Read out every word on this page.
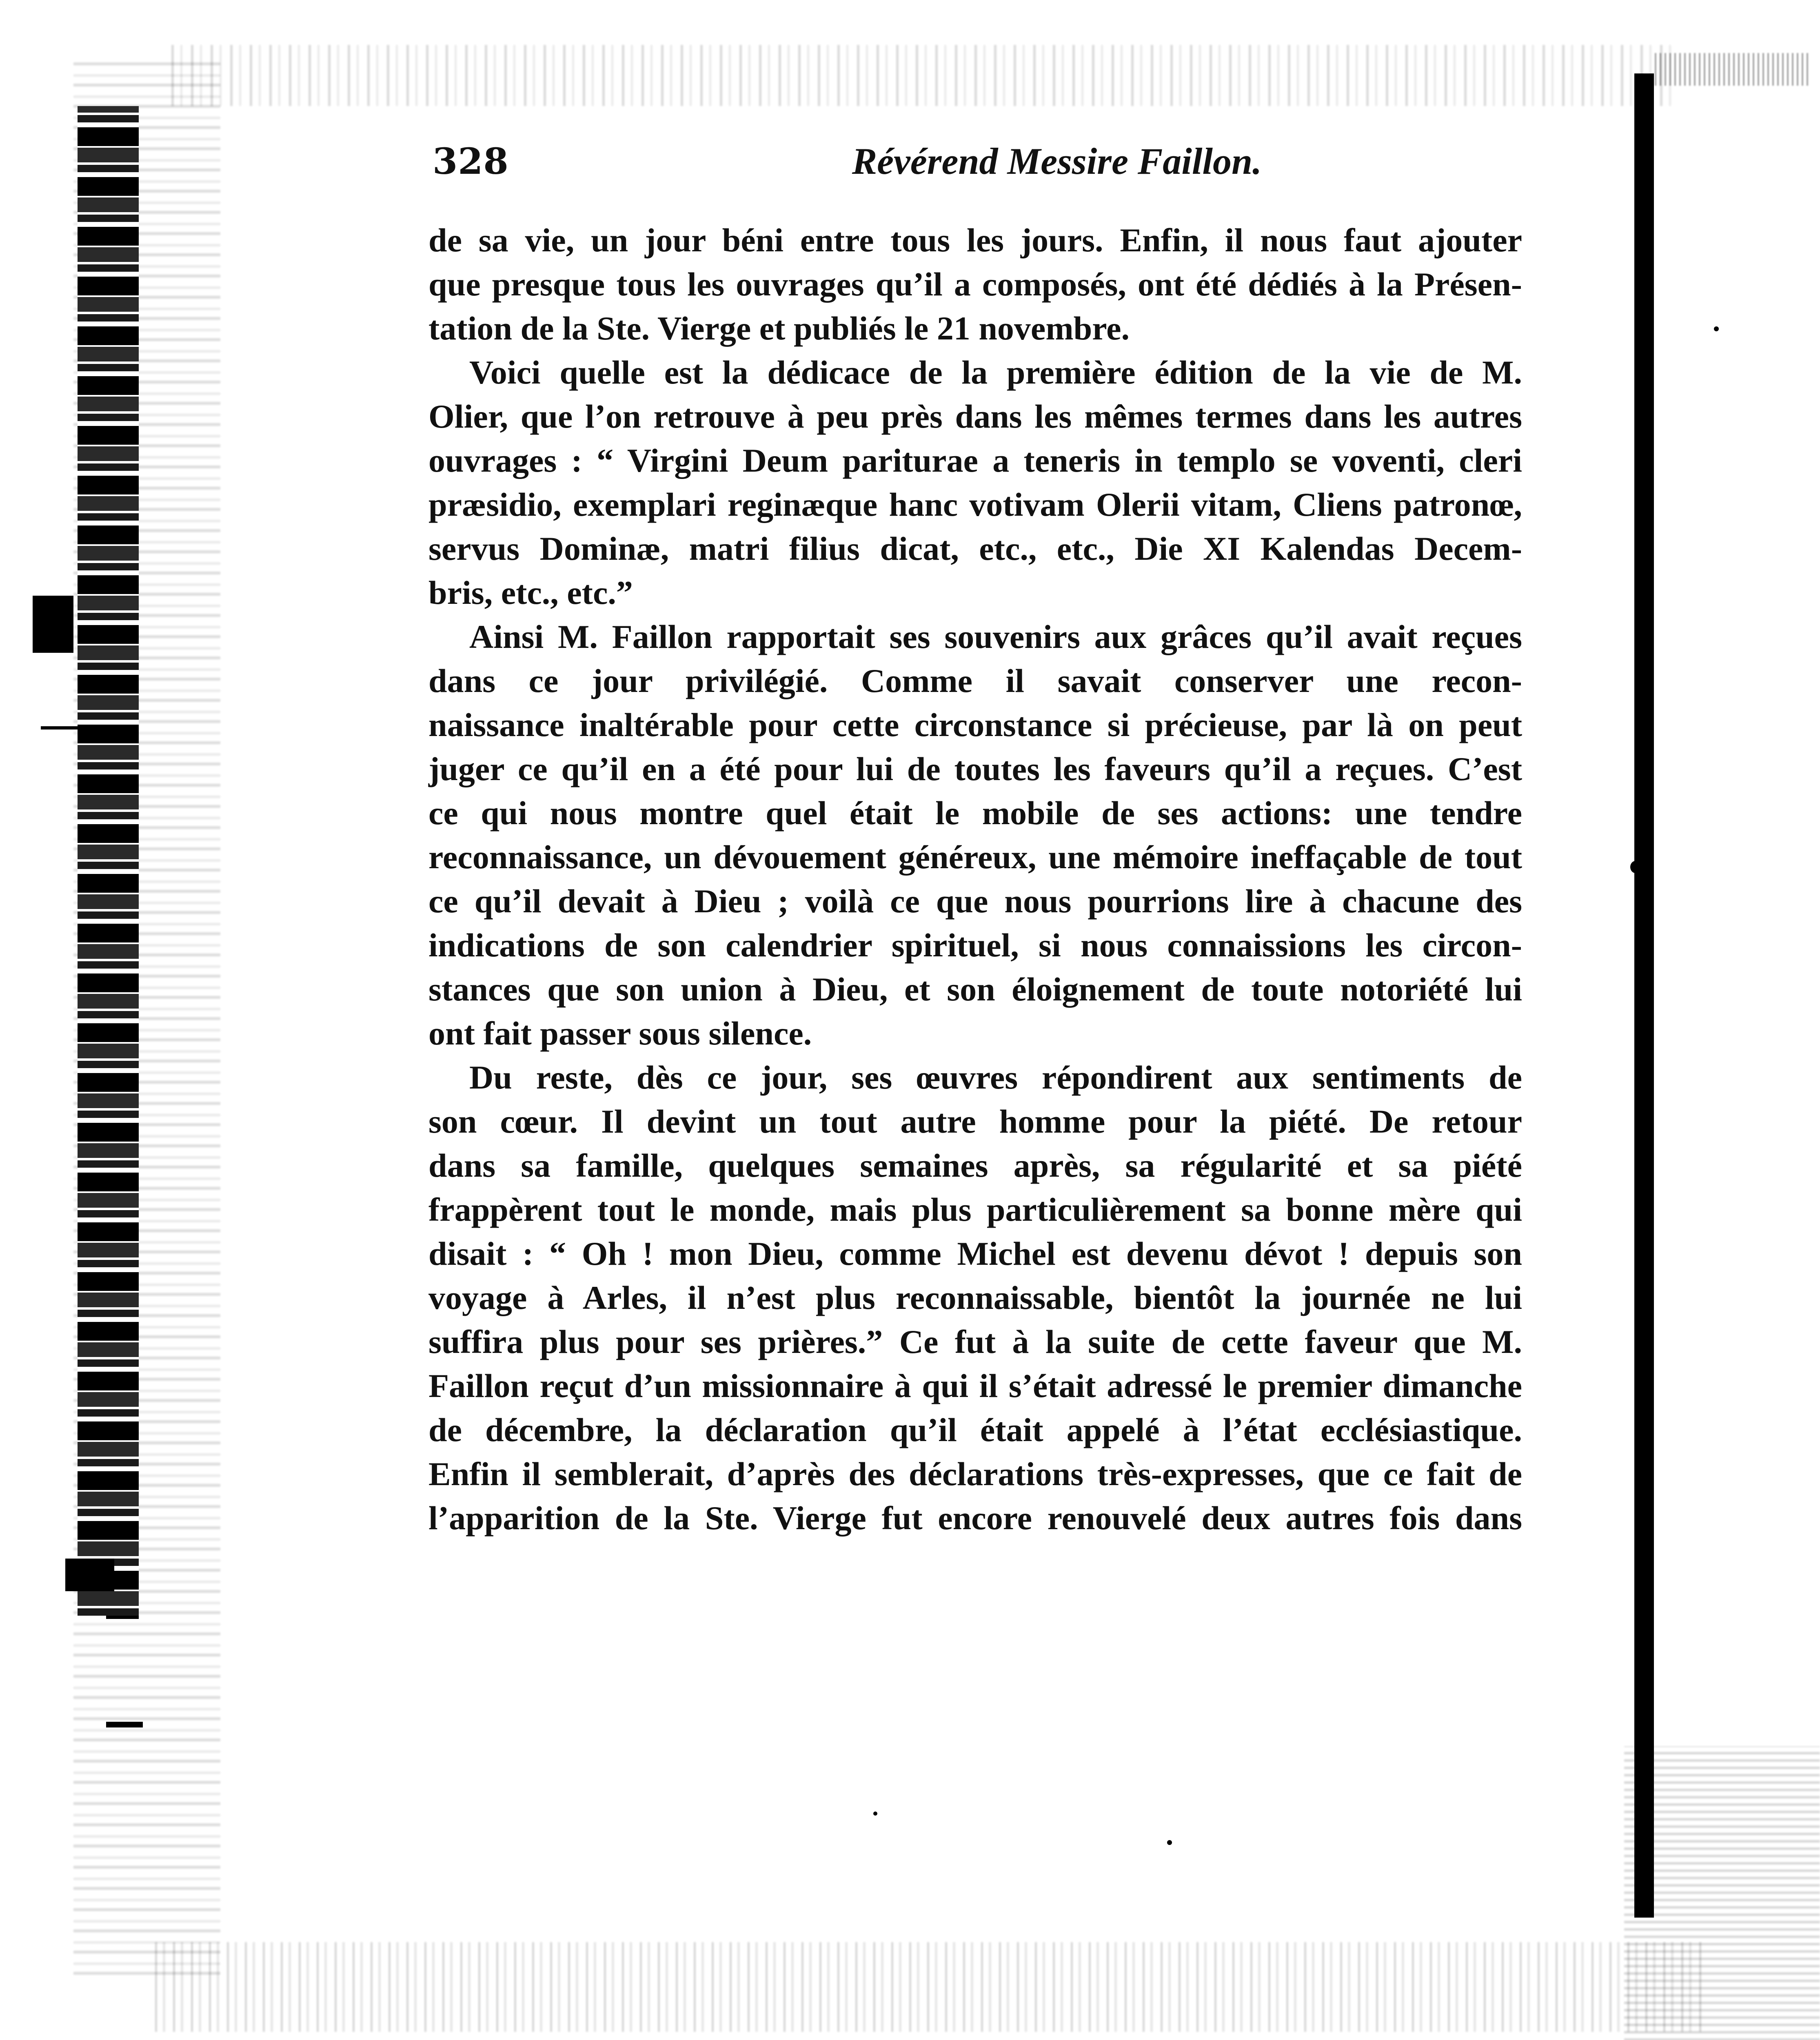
328	Révérend Messire Faillon.

de sa vie, un jour béni entre tous les jours. Enfin, il nous faut ajouter
que presque tous les ouvrages qu’il a composés, ont été dédiés à la Présen-
tation de la Ste. Vierge et publiés le 21 novembre.

Voici quelle est la dédicace de la première édition de la vie de M.
Olier, que l’on retrouve à peu près dans les mêmes termes dans les autres
ouvrages : “ Virgini Deum pariturae a teneris in templo se voventi, cleri
præsidio, exemplari reginæque hanc votivam Olerii vitam, Cliens patronœ,
servus Dominæ, matri filius dicat, etc., etc., Die XI Kalendas Decem-
bris, etc., etc.”

Ainsi M. Faillon rapportait ses souvenirs aux grâces qu’il avait reçues
dans ce jour privilégié. Comme il savait conserver une recon-
naissance inaltérable pour cette circonstance si précieuse, par là on peut
juger ce qu’il en a été pour lui de toutes les faveurs qu’il a reçues. C’est
ce qui nous montre quel était le mobile de ses actions: une tendre
reconnaissance, un dévouement généreux, une mémoire ineffaçable de tout
ce qu’il devait à Dieu ; voilà ce que nous pourrions lire à chacune des
indications de son calendrier spirituel, si nous connaissions les circon-
stances que son union à Dieu, et son éloignement de toute notoriété lui
ont fait passer sous silence.

Du reste, dès ce jour, ses œuvres répondirent aux sentiments de
son cœur. Il devint un tout autre homme pour la piété. De retour
dans sa famille, quelques semaines après, sa régularité et sa piété
frappèrent tout le monde, mais plus particulièrement sa bonne mère qui
disait : “ Oh ! mon Dieu, comme Michel est devenu dévot ! depuis son
voyage à Arles, il n’est plus reconnaissable, bientôt la journée ne lui
suffira plus pour ses prières.” Ce fut à la suite de cette faveur que M.
Faillon reçut d’un missionnaire à qui il s’était adressé le premier dimanche
de décembre, la déclaration qu’il était appelé à l’état ecclésiastique.
Enfin il semblerait, d’après des déclarations très-expresses, que ce fait de
l’apparition de la Ste. Vierge fut encore renouvelé deux autres fois dans
